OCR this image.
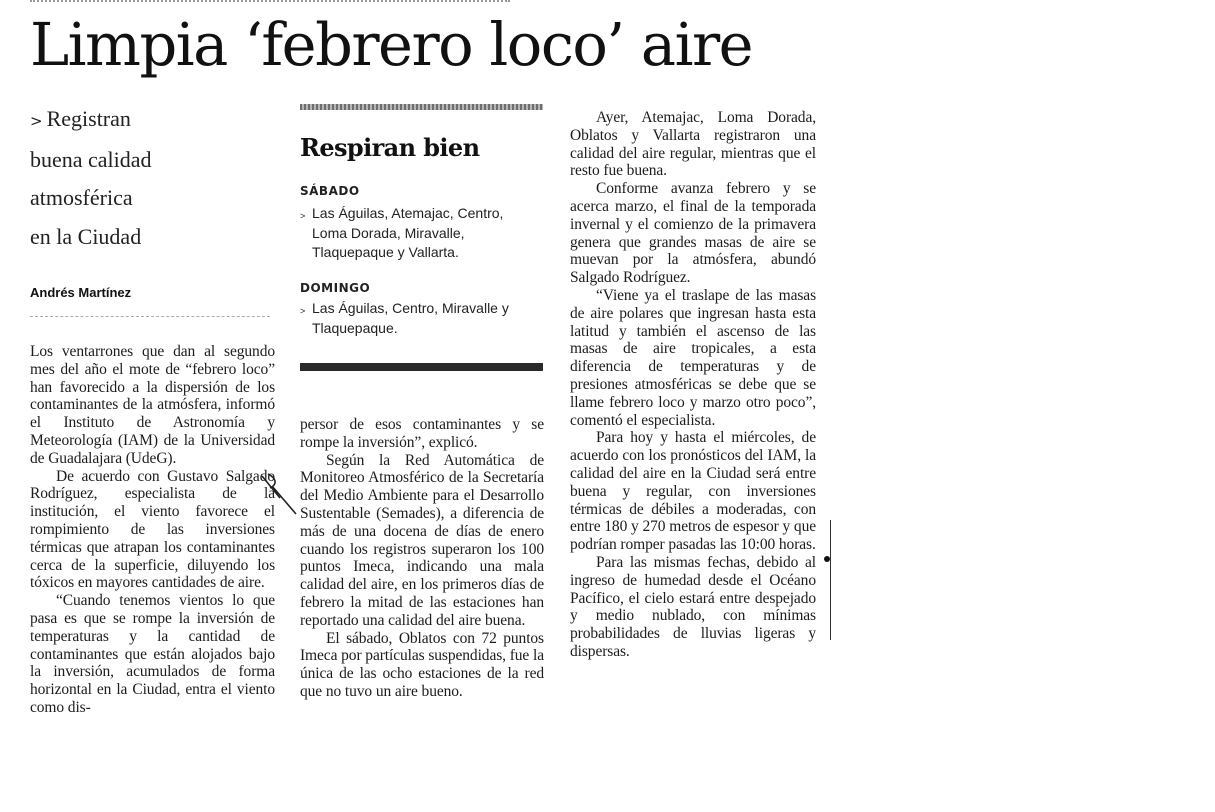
Limpia ‘febrero loco’ aire
> Registran
buena calidad
atmosférica
en la Ciudad
Andrés Martínez

Los ventarrones que dan al segundo mes del año el mote de “febrero loco” han favorecido a la dispersión de los contaminantes de la atmósfera, informó el Instituto de Astronomía y Meteorología (IAM) de la Universidad de Guadalajara (UdeG).

De acuerdo con Gustavo Salgado Rodríguez, especialista de la institución, el viento favorece el rompimiento de las inversiones térmicas que atrapan los contaminantes cerca de la superficie, diluyendo los tóxicos en mayores cantidades de aire.

“Cuando tenemos vientos lo que pasa es que se rompe la inversión de temperaturas y la cantidad de contaminantes que están alojados bajo la inversión, acumulados de forma horizontal en la Ciudad, entra el viento como dis-

Respiran bien
SÁBADO
> Las Águilas, Atemajac, Centro, Loma Dorada, Miravalle, Tlaquepaque y Vallarta.
DOMINGO
> Las Águilas, Centro, Miravalle y Tlaquepaque.

persor de esos contaminantes y se rompe la inversión”, explicó.

Según la Red Automática de Monitoreo Atmosférico de la Secretaría del Medio Ambiente para el Desarrollo Sustentable (Semades), a diferencia de más de una docena de días de enero cuando los registros superaron los 100 puntos Imeca, indicando una mala calidad del aire, en los primeros días de febrero la mitad de las estaciones han reportado una calidad del aire buena.

El sábado, Oblatos con 72 puntos Imeca por partículas suspendidas, fue la única de las ocho estaciones de la red que no tuvo un aire bueno.

Ayer, Atemajac, Loma Dorada, Oblatos y Vallarta registraron una calidad del aire regular, mientras que el resto fue buena.

Conforme avanza febrero y se acerca marzo, el final de la temporada invernal y el comienzo de la primavera genera que grandes masas de aire se muevan por la atmósfera, abundó Salgado Rodríguez.

“Viene ya el traslape de las masas de aire polares que ingresan hasta esta latitud y también el ascenso de las masas de aire tropicales, a esta diferencia de temperaturas y de presiones atmosféricas se debe que se llame febrero loco y marzo otro poco”, comentó el especialista.

Para hoy y hasta el miércoles, de acuerdo con los pronósticos del IAM, la calidad del aire en la Ciudad será entre buena y regular, con inversiones térmicas de débiles a moderadas, con entre 180 y 270 metros de espesor y que podrían romper pasadas las 10:00 horas.

Para las mismas fechas, debido al ingreso de humedad desde el Océano Pacífico, el cielo estará entre despejado y medio nublado, con mínimas probabilidades de lluvias ligeras y dispersas.
